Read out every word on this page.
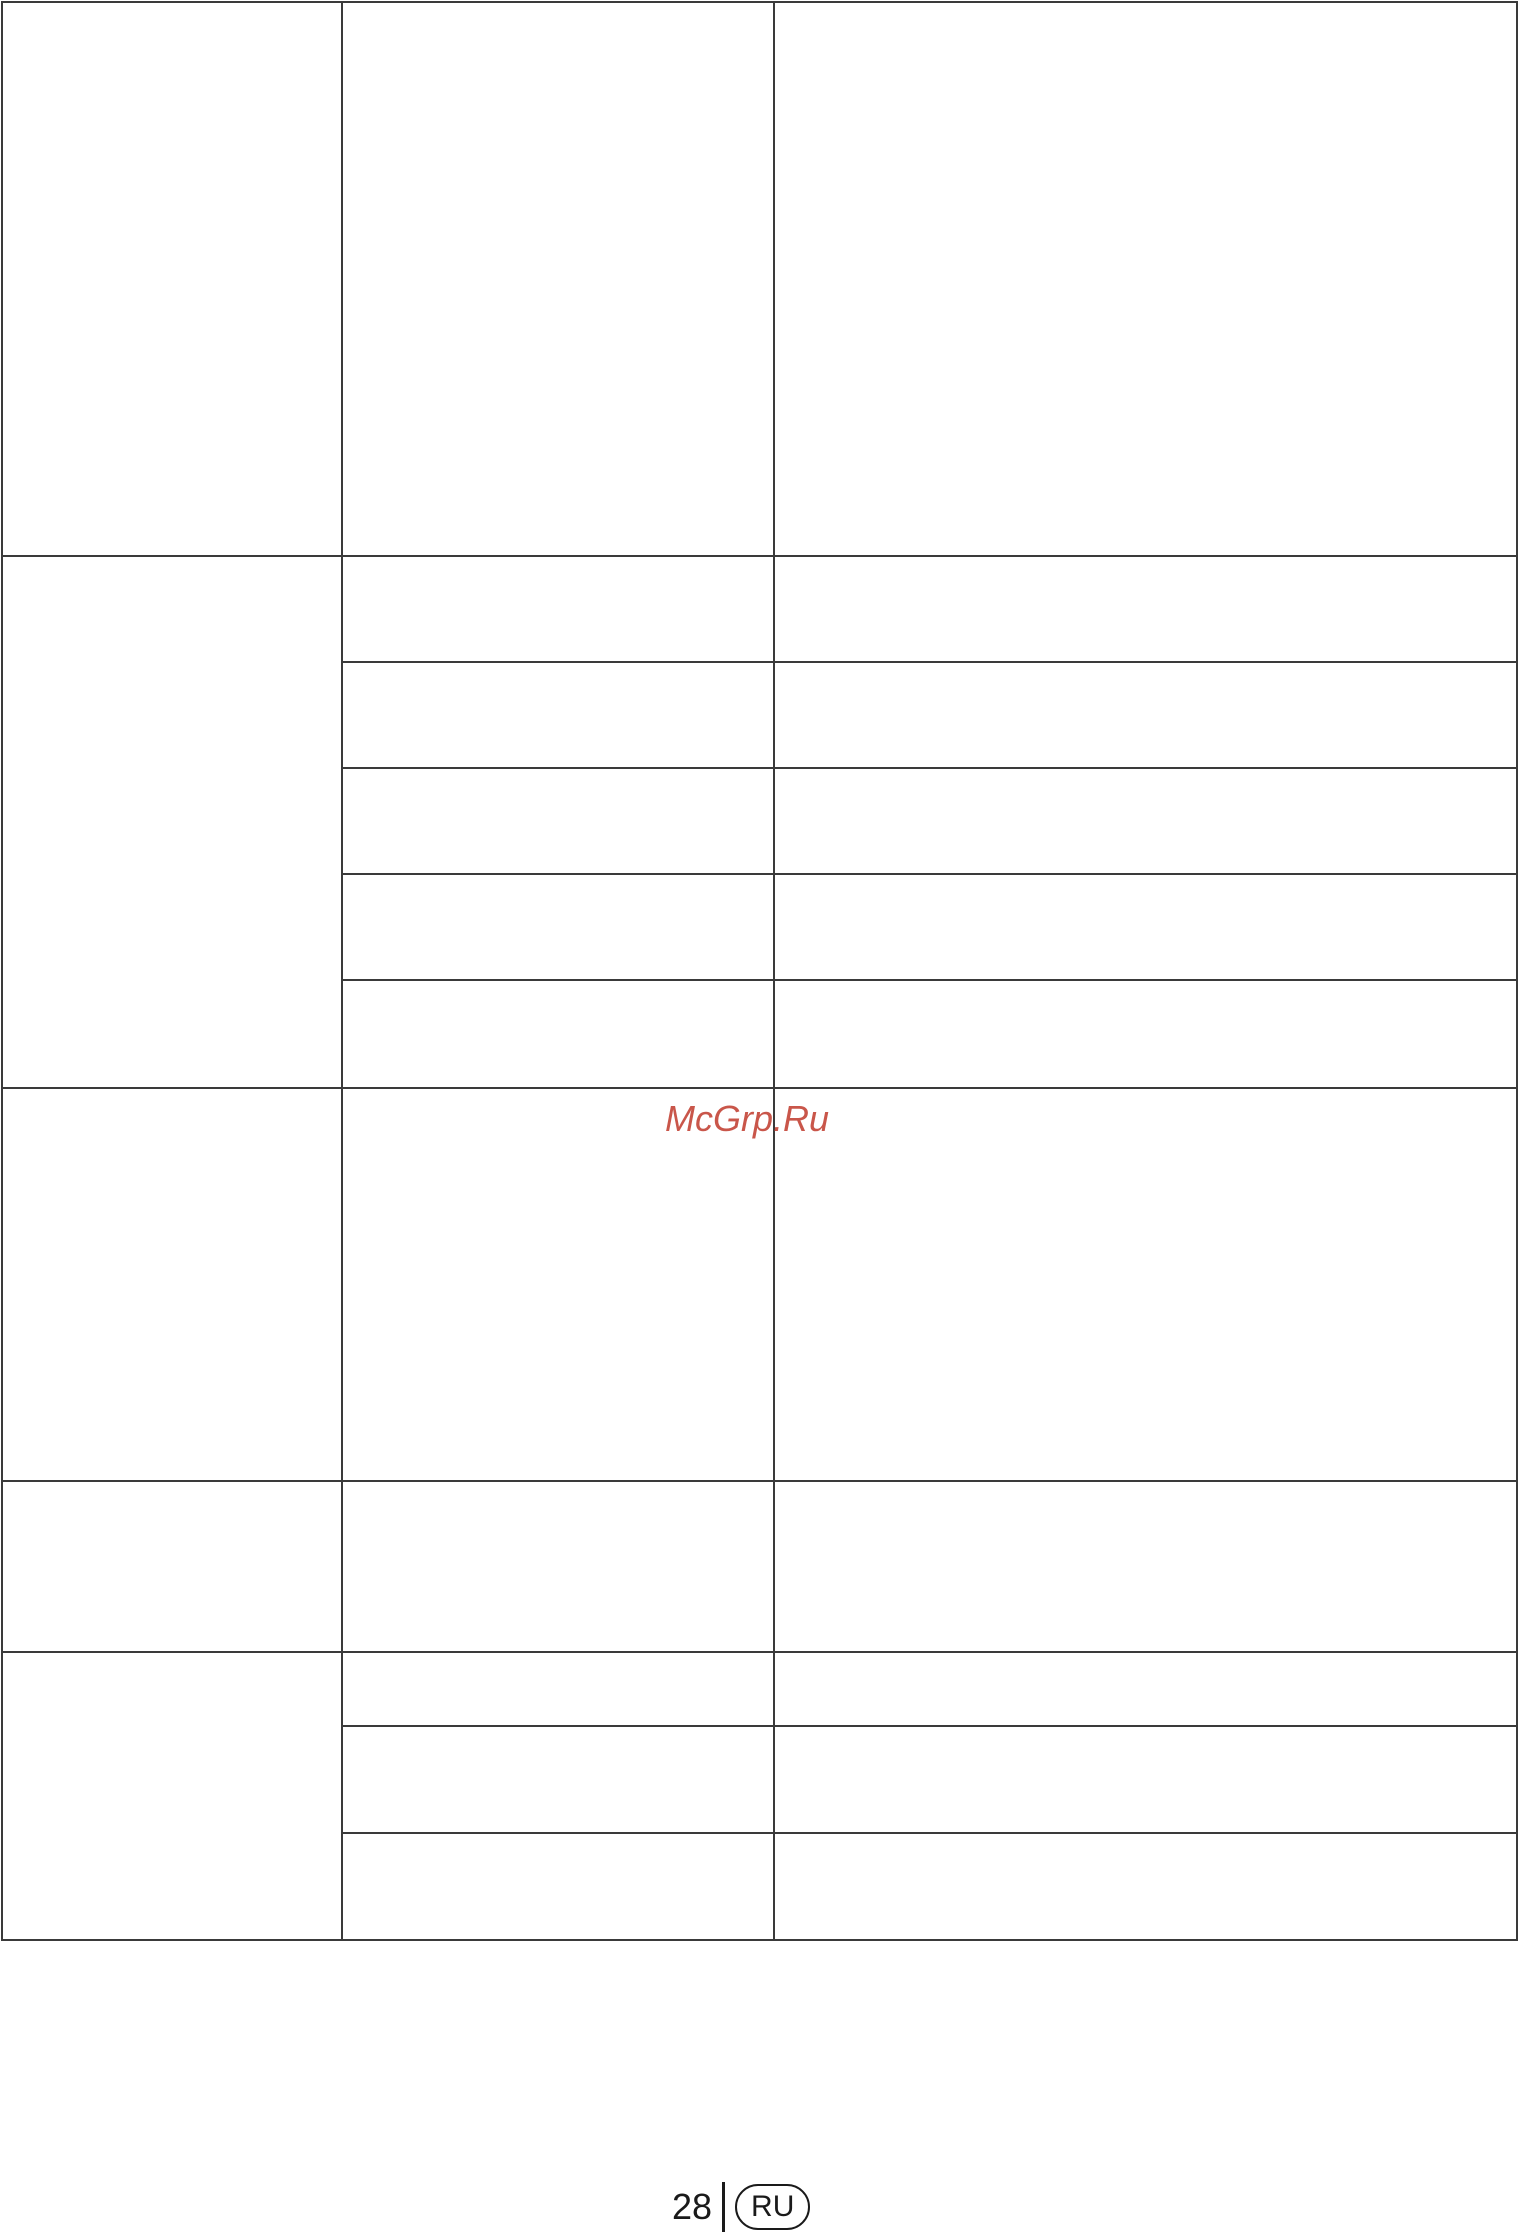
McGrp.Ru
28	RU
